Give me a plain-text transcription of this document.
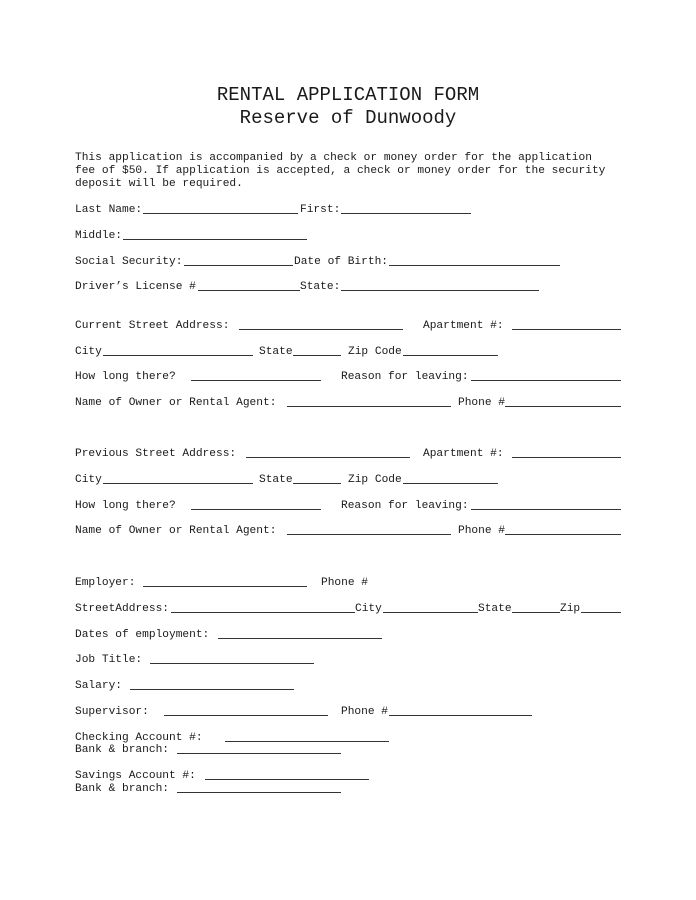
RENTAL APPLICATION FORM
Reserve of Dunwoody
This application is accompanied by a check or money order for the application
fee of $50. If application is accepted, a check or money order for the security
deposit will be required.
Last Name:	First:
Middle:
Social Security:	Date of Birth:
Driver’s License #	State:
Current Street Address:	Apartment #:
City	State	Zip Code
How long there?	Reason for leaving:
Name of Owner or Rental Agent:	Phone #
Previous Street Address:	Apartment #:
City	State	Zip Code
How long there?	Reason for leaving:
Name of Owner or Rental Agent:	Phone #
Employer:	Phone #
StreetAddress:	City	State	Zip
Dates of employment:
Job Title:
Salary:
Supervisor:	Phone #
Checking Account #:
Bank & branch:
Savings Account #:
Bank & branch:
